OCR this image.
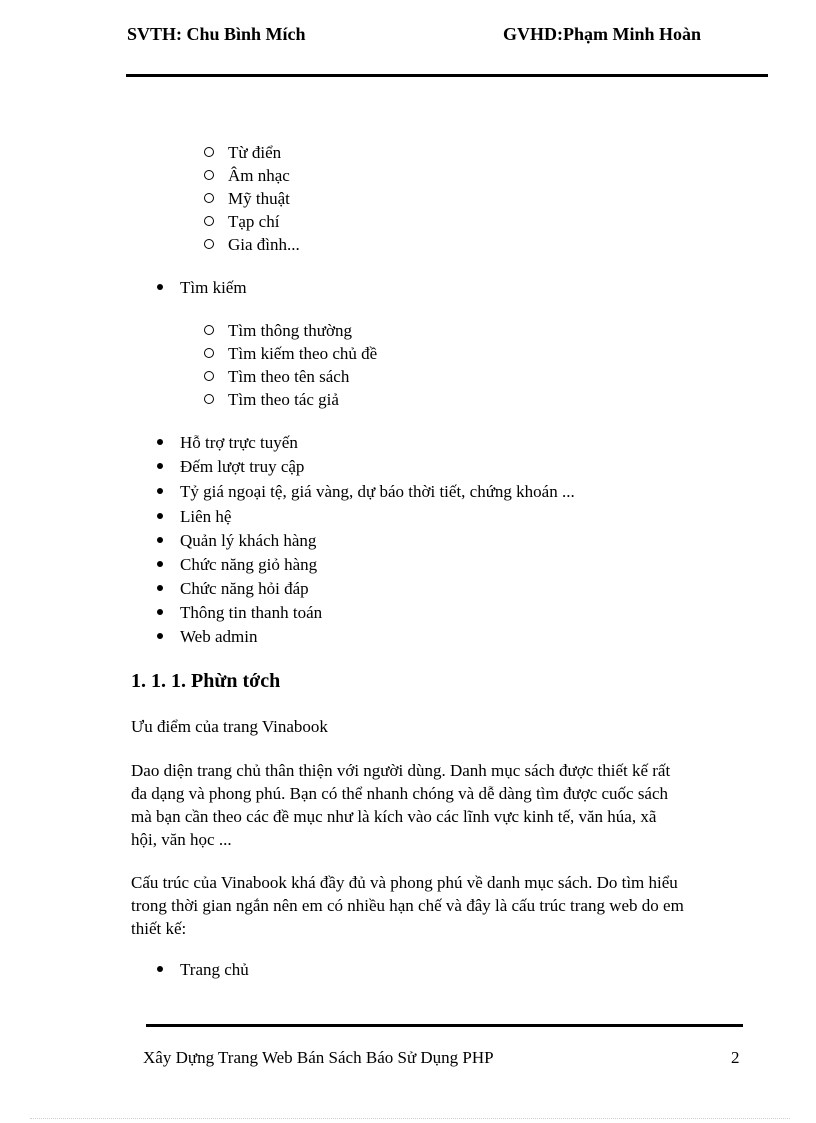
SVTH: Chu Bình Mích	GVHD:Phạm Minh Hoàn
Từ điển
Âm nhạc
Mỹ thuật
Tạp chí
Gia đình...
Tìm kiếm
Tìm thông thường
Tìm kiếm theo chủ đề
Tìm theo tên sách
Tìm theo tác giả
Hỗ trợ trực tuyến
Đếm lượt truy cập
Tỷ giá ngoại tệ, giá vàng, dự báo thời tiết, chứng khoán ...
Liên hệ
Quản lý khách hàng
Chức năng giỏ hàng
Chức năng hỏi đáp
Thông tin thanh toán
Web admin
1. 1. 1. Phừn tớch

Ưu điểm của trang Vinabook

Dao diện trang chủ thân thiện với người dùng. Danh mục sách được thiết kế rất

đa dạng và phong phú. Bạn có thể nhanh chóng và dễ dàng tìm được cuốc sách

mà bạn cần theo các đề mục như là kích vào các lĩnh vực kinh tế, văn húa, xã

hội, văn học ...

Cấu trúc của Vinabook khá đầy đủ và phong phú về danh mục sách. Do tìm hiểu

trong thời gian ngắn nên em có nhiều hạn chế và đây là cấu trúc trang web do em

thiết kế:

Trang chủ
Xây Dựng Trang Web Bán Sách Báo Sử Dụng PHP	2
